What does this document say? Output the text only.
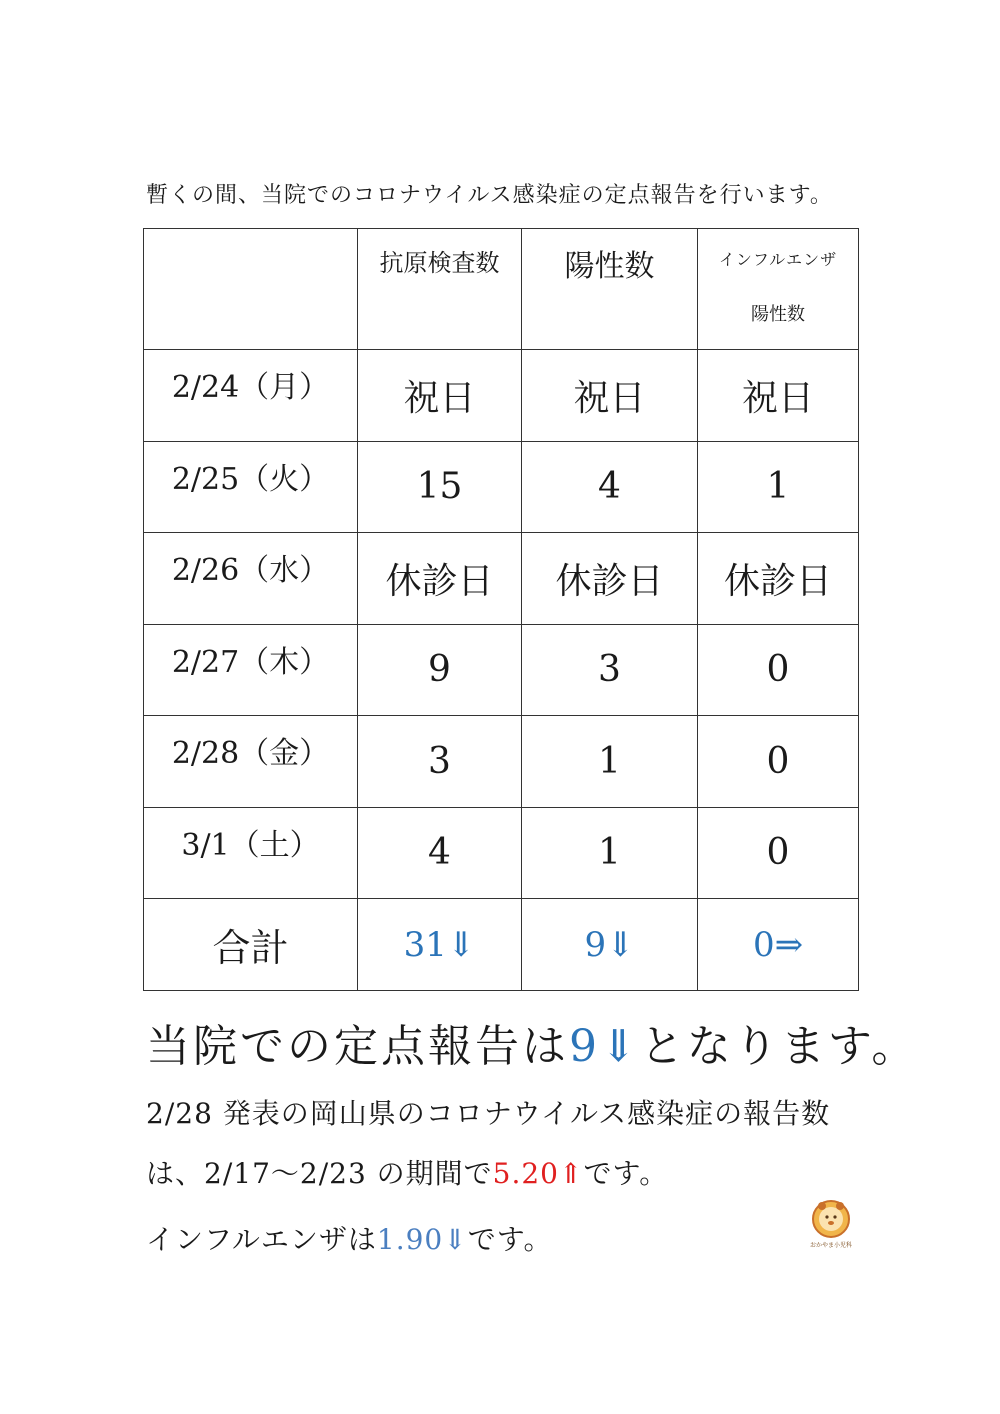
暫くの間、当院でのコロナウイルス感染症の定点報告を行います。

	抗原検査数	陽性数	インフルエンザ
陽性数

2/24（月）	祝日	祝日	祝日

2/25（火）	15	4	1

2/26（水）	休診日	休診日	休診日

2/27（木）	9	3	0

2/28（金）	3	1	0

3/1（土）	4	1	0
合計	31⇓	9⇓	0⇒
当院での定点報告は9⇓となります。
2/28 発表の岡山県のコロナウイルス感染症の報告数
は、2/17～2/23 の期間で5.20⇑です。
インフルエンザは1.90⇓です。	おかやま小児科
